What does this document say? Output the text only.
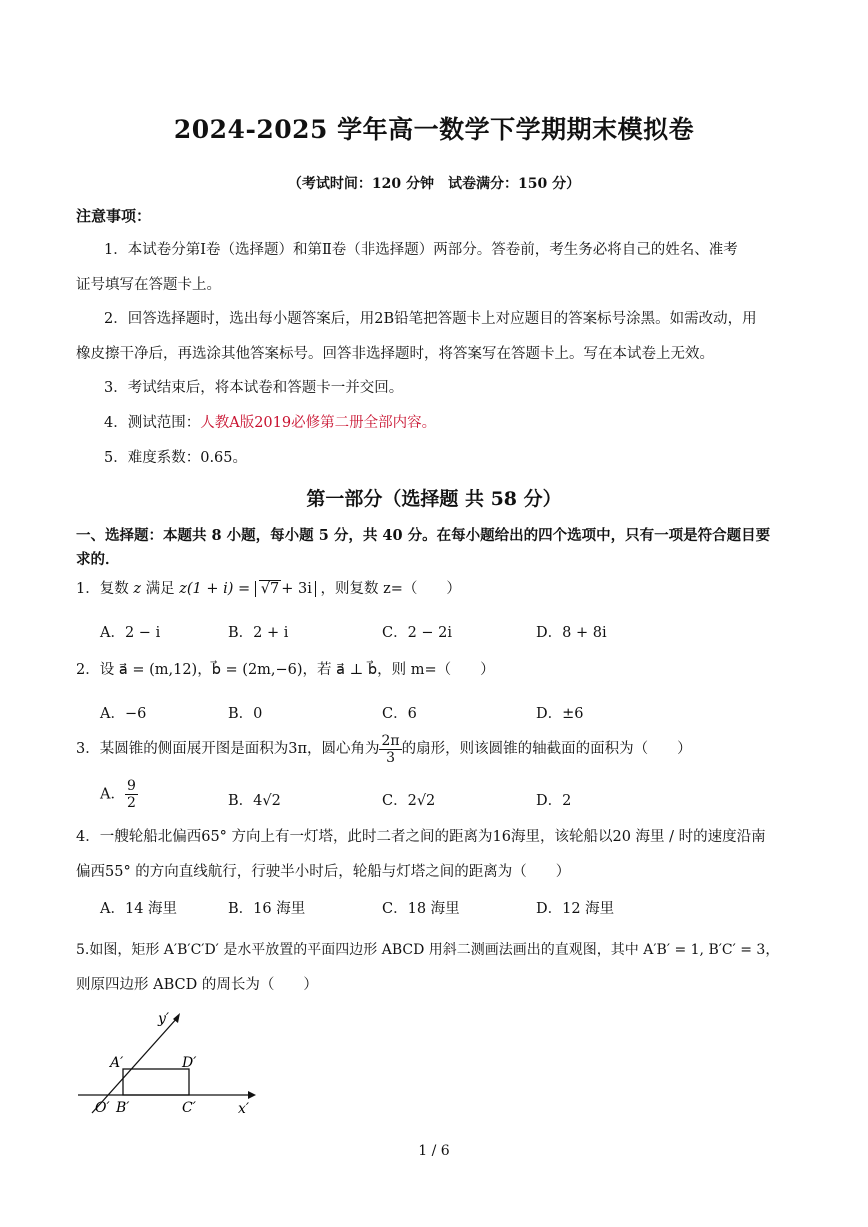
2024-2025 学年高一数学下学期期末模拟卷
（考试时间：120 分钟　试卷满分：150 分）
注意事项：
1．本试卷分第Ⅰ卷（选择题）和第Ⅱ卷（非选择题）两部分。答卷前，考生务必将自己的姓名、准考
证号填写在答题卡上。
2．回答选择题时，选出每小题答案后，用2B铅笔把答题卡上对应题目的答案标号涂黑。如需改动，用
橡皮擦干净后，再选涂其他答案标号。回答非选择题时，将答案写在答题卡上。写在本试卷上无效。
3．考试结束后，将本试卷和答题卡一并交回。
4．测试范围：人教A版2019必修第二册全部内容。
5．难度系数：0.65。
第一部分（选择题 共 58 分）
一、选择题：本题共 8 小题，每小题 5 分，共 40 分。在每小题给出的四个选项中，只有一项是符合题目要
求的．
1．复数 z 满足 z(1 + i) = √7 + 3i ，则复数 z=（　　）
A．2 − i	B．2 + i	C．2 − 2i	D．8 + 8i
2．设 a⃗ = (m,12)，b⃗ = (2m,−6)，若 a⃗ ⊥ b⃗，则 m=（　　）
A．−6	B．0	C．6	D．±6
3．某圆锥的侧面展开图是面积为3π，圆心角为 $\frac{2\pi}{3}$ 的扇形，则该圆锥的轴截面的面积为（　　）
A． $\frac{9}{2}$	B．4√2	C．2√2	D．2
4．一艘轮船北偏西65° 方向上有一灯塔，此时二者之间的距离为16海里，该轮船以20 海里 / 时的速度沿南
偏西55° 的方向直线航行，行驶半小时后，轮船与灯塔之间的距离为（　　）
A．14 海里	B．16 海里	C．18 海里	D．12 海里
5.如图，矩形 A′B′C′D′ 是水平放置的平面四边形 ABCD 用斜二测画法画出的直观图，其中 A′B′ = 1, B′C′ = 3，
则原四边形 ABCD 的周长为（　　）
y′
x′
A′	D′
O′ B′	C′
1 / 6
